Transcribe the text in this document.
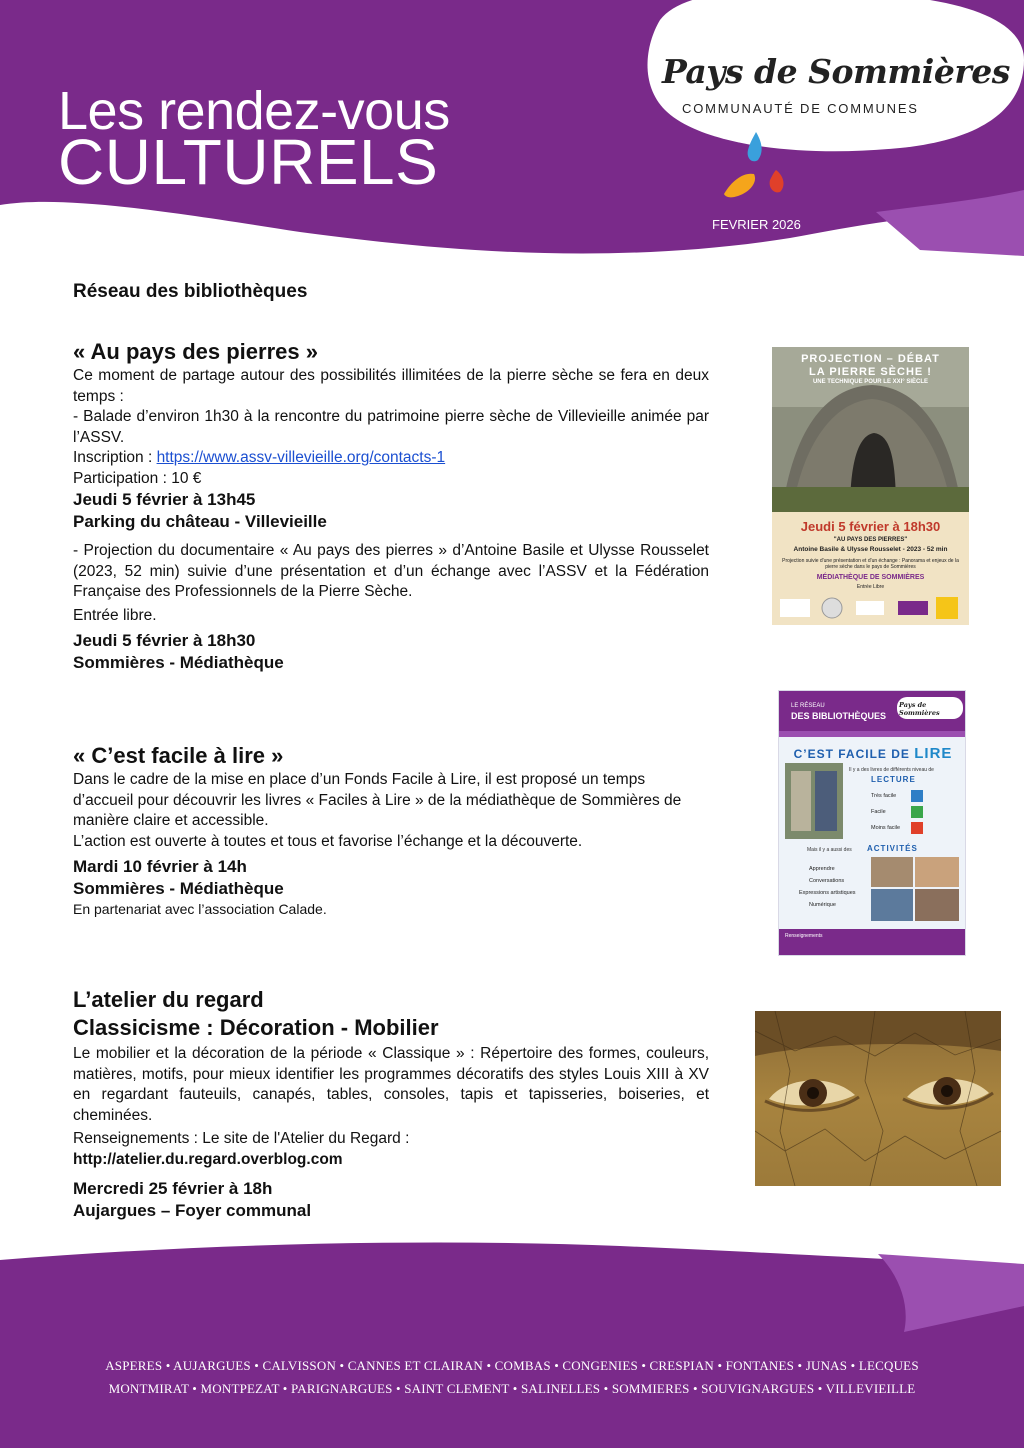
Les rendez-vous
CULTURELS
FEVRIER 2026
Pays de Sommières
COMMUNAUTÉ DE COMMUNES
Réseau des bibliothèques
« Au pays des pierres »

Ce moment de partage autour des possibilités illimitées de la pierre sèche se fera en deux temps :

- Balade d’environ 1h30 à la rencontre du patrimoine pierre sèche de Villevieille animée par l’ASSV.

Inscription : https://www.assv-villevieille.org/contacts-1

Participation : 10 €

Jeudi 5 février à 13h45
Parking du château - Villevieille

- Projection du documentaire « Au pays des pierres » d’Antoine Basile et Ulysse Rousselet (2023, 52 min) suivie d’une présentation et d’un échange avec l’ASSV et la Fédération Française des Professionnels de la Pierre Sèche.

Entrée libre.

Jeudi 5 février à 18h30
Sommières - Médiathèque
« C’est facile à lire »

Dans le cadre de la mise en place d’un Fonds Facile à Lire, il est proposé un temps d’accueil pour découvrir les livres « Faciles à Lire » de la médiathèque de Sommières de manière claire et accessible.

L’action est ouverte à toutes et tous et favorise l’échange et la découverte.

Mardi 10 février à 14h
Sommières - Médiathèque
En partenariat avec l’association Calade.
L’atelier du regard
Classicisme : Décoration - Mobilier

Le mobilier et la décoration de la période « Classique » : Répertoire des formes, couleurs, matières, motifs, pour mieux identifier les programmes décoratifs des styles Louis XIII à XV en regardant fauteuils, canapés, tables, consoles, tapis et tapisseries, boiseries, et cheminées.

Renseignements : Le site de l'Atelier du Regard :

http://atelier.du.regard.overblog.com

Mercredi 25 février à 18h
Aujargues – Foyer communal
PROJECTION – DÉBAT
LA PIERRE SÈCHE !
UNE TECHNIQUE POUR LE XXI° SIÈCLE
Jeudi 5 février à 18h30
"AU PAYS DES PIERRES"
Antoine Basile & Ulysse Rousselet - 2023 - 52 min
Projection suivie d'une présentation et d'un échange : Panorama et enjeux de la pierre sèche dans le pays de Sommières
MÉDIATHÈQUE DE SOMMIÈRES
Entrée Libre
LE RÉSEAU
DES BIBLIOTHÈQUES
Pays de Sommières
C’EST FACILE DE LIRE
Il y a des livres de différents niveau de
LECTURE
Très facile
Facile
Moins facile
Mais il y a aussi des ACTIVITÉS
Apprendre
Conversations
Expressions artistiques
Numérique
Renseignements
ASPERES • AUJARGUES • CALVISSON • CANNES ET CLAIRAN • COMBAS • CONGENIES • CRESPIAN • FONTANES • JUNAS • LECQUES
MONTMIRAT • MONTPEZAT • PARIGNARGUES • SAINT CLEMENT • SALINELLES • SOMMIERES • SOUVIGNARGUES • VILLEVIEILLE
